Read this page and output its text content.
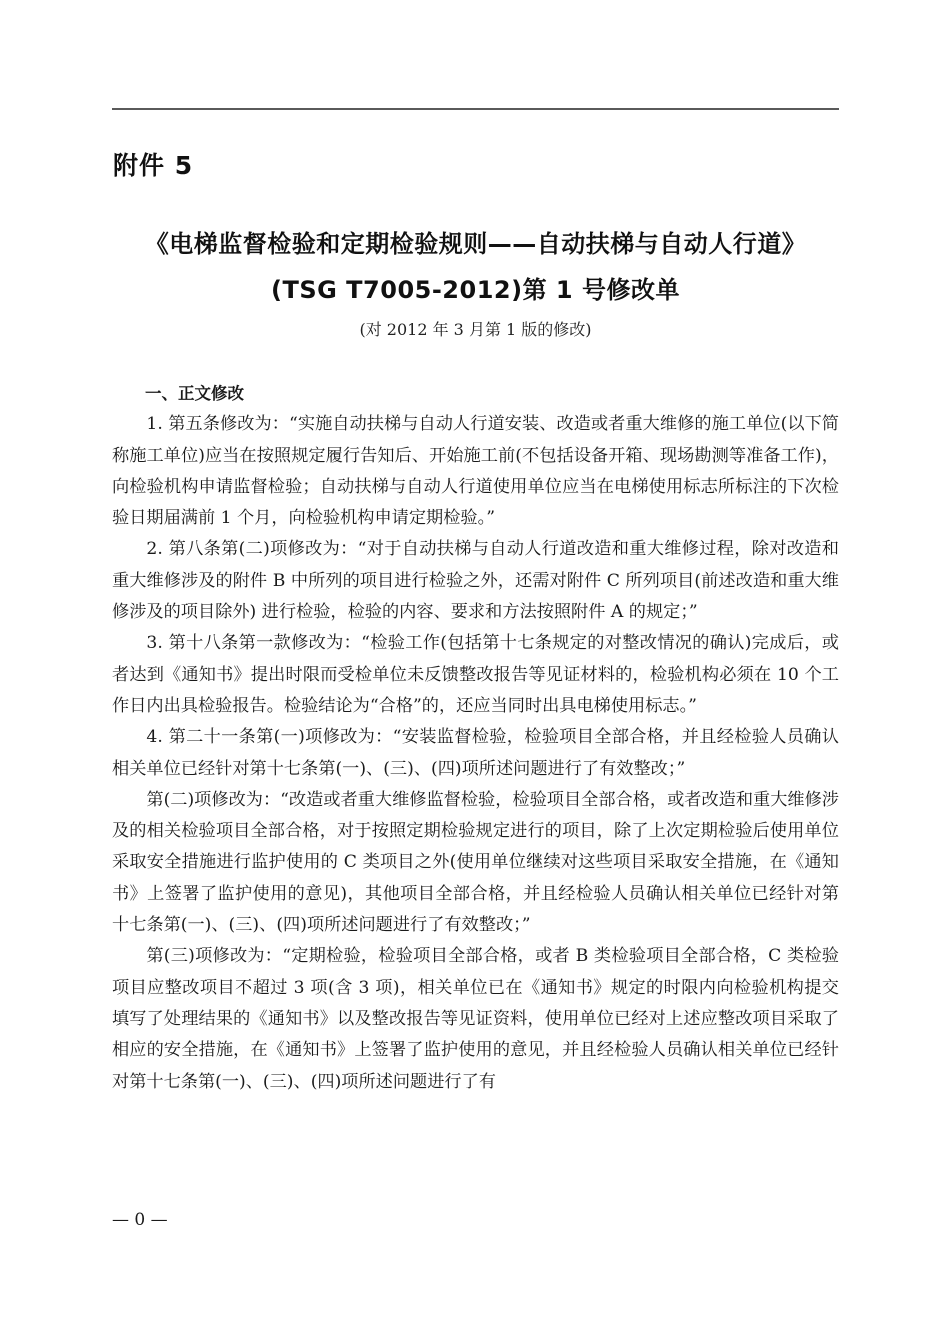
附件 5
《电梯监督检验和定期检验规则——自动扶梯与自动人行道》
(TSG T7005-2012)第 1 号修改单
(对 2012 年 3 月第 1 版的修改)

一、正文修改

1. 第五条修改为：“实施自动扶梯与自动人行道安装、改造或者重大维修的施工单位(以下简称施工单位)应当在按照规定履行告知后、开始施工前(不包括设备开箱、现场勘测等准备工作)，向检验机构申请监督检验；自动扶梯与自动人行道使用单位应当在电梯使用标志所标注的下次检验日期届满前 1 个月，向检验机构申请定期检验。”

2. 第八条第(二)项修改为：“对于自动扶梯与自动人行道改造和重大维修过程，除对改造和重大维修涉及的附件 B 中所列的项目进行检验之外，还需对附件 C 所列项目(前述改造和重大维修涉及的项目除外) 进行检验，检验的内容、要求和方法按照附件 A 的规定；”

3. 第十八条第一款修改为：“检验工作(包括第十七条规定的对整改情况的确认)完成后，或者达到《通知书》提出时限而受检单位未反馈整改报告等见证材料的，检验机构必须在 10 个工作日内出具检验报告。检验结论为“合格”的，还应当同时出具电梯使用标志。”

4. 第二十一条第(一)项修改为：“安装监督检验，检验项目全部合格，并且经检验人员确认相关单位已经针对第十七条第(一)、(三)、(四)项所述问题进行了有效整改；”

第(二)项修改为：“改造或者重大维修监督检验，检验项目全部合格，或者改造和重大维修涉及的相关检验项目全部合格，对于按照定期检验规定进行的项目，除了上次定期检验后使用单位采取安全措施进行监护使用的 C 类项目之外(使用单位继续对这些项目采取安全措施，在《通知书》上签署了监护使用的意见)，其他项目全部合格，并且经检验人员确认相关单位已经针对第十七条第(一)、(三)、(四)项所述问题进行了有效整改；”

第(三)项修改为：“定期检验，检验项目全部合格，或者 B 类检验项目全部合格，C 类检验项目应整改项目不超过 3 项(含 3 项)，相关单位已在《通知书》规定的时限内向检验机构提交填写了处理结果的《通知书》以及整改报告等见证资料，使用单位已经对上述应整改项目采取了相应的安全措施，在《通知书》上签署了监护使用的意见，并且经检验人员确认相关单位已经针对第十七条第(一)、(三)、(四)项所述问题进行了有

— 0 —
